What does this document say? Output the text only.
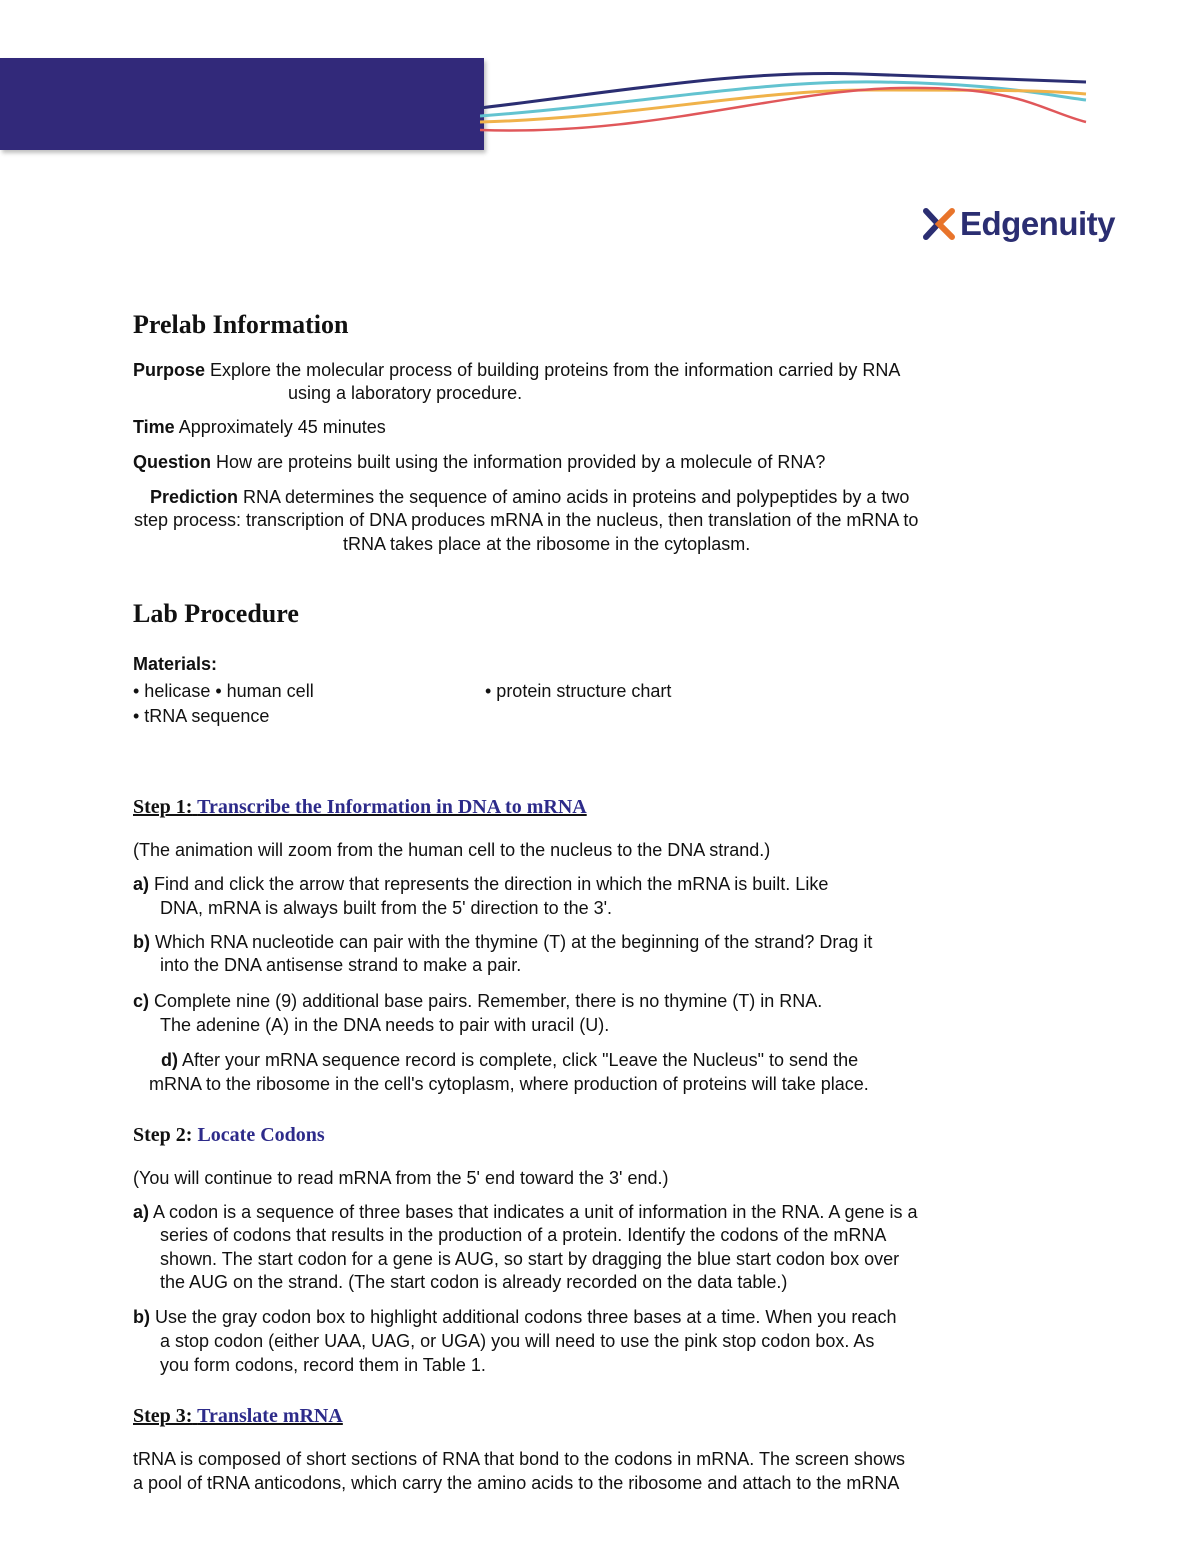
Edgenuity
Prelab Information

Purpose Explore the molecular process of building proteins from the information carried by RNA

using a laboratory procedure.

Time Approximately 45 minutes

Question How are proteins built using the information provided by a molecule of RNA?

Prediction RNA determines the sequence of amino acids in proteins and polypeptides by a two

step process: transcription of DNA produces mRNA in the nucleus, then translation of the mRNA to

tRNA takes place at the ribosome in the cytoplasm.

Lab Procedure

Materials:

• helicase • human cell	• protein structure chart

• tRNA sequence

Step 1: Transcribe the Information in DNA to mRNA

(The animation will zoom from the human cell to the nucleus to the DNA strand.)

a) Find and click the arrow that represents the direction in which the mRNA is built. Like

DNA, mRNA is always built from the 5' direction to the 3'.

b) Which RNA nucleotide can pair with the thymine (T) at the beginning of the strand? Drag it

into the DNA antisense strand to make a pair.

c) Complete nine (9) additional base pairs. Remember, there is no thymine (T) in RNA.

The adenine (A) in the DNA needs to pair with uracil (U).

d) After your mRNA sequence record is complete, click "Leave the Nucleus" to send the

mRNA to the ribosome in the cell's cytoplasm, where production of proteins will take place.

Step 2: Locate Codons

(You will continue to read mRNA from the 5' end toward the 3' end.)

a) A codon is a sequence of three bases that indicates a unit of information in the RNA. A gene is a

series of codons that results in the production of a protein. Identify the codons of the mRNA

shown. The start codon for a gene is AUG, so start by dragging the blue start codon box over

the AUG on the strand. (The start codon is already recorded on the data table.)

b) Use the gray codon box to highlight additional codons three bases at a time. When you reach

a stop codon (either UAA, UAG, or UGA) you will need to use the pink stop codon box. As

you form codons, record them in Table 1.

Step 3: Translate mRNA

tRNA is composed of short sections of RNA that bond to the codons in mRNA. The screen shows

a pool of tRNA anticodons, which carry the amino acids to the ribosome and attach to the mRNA
